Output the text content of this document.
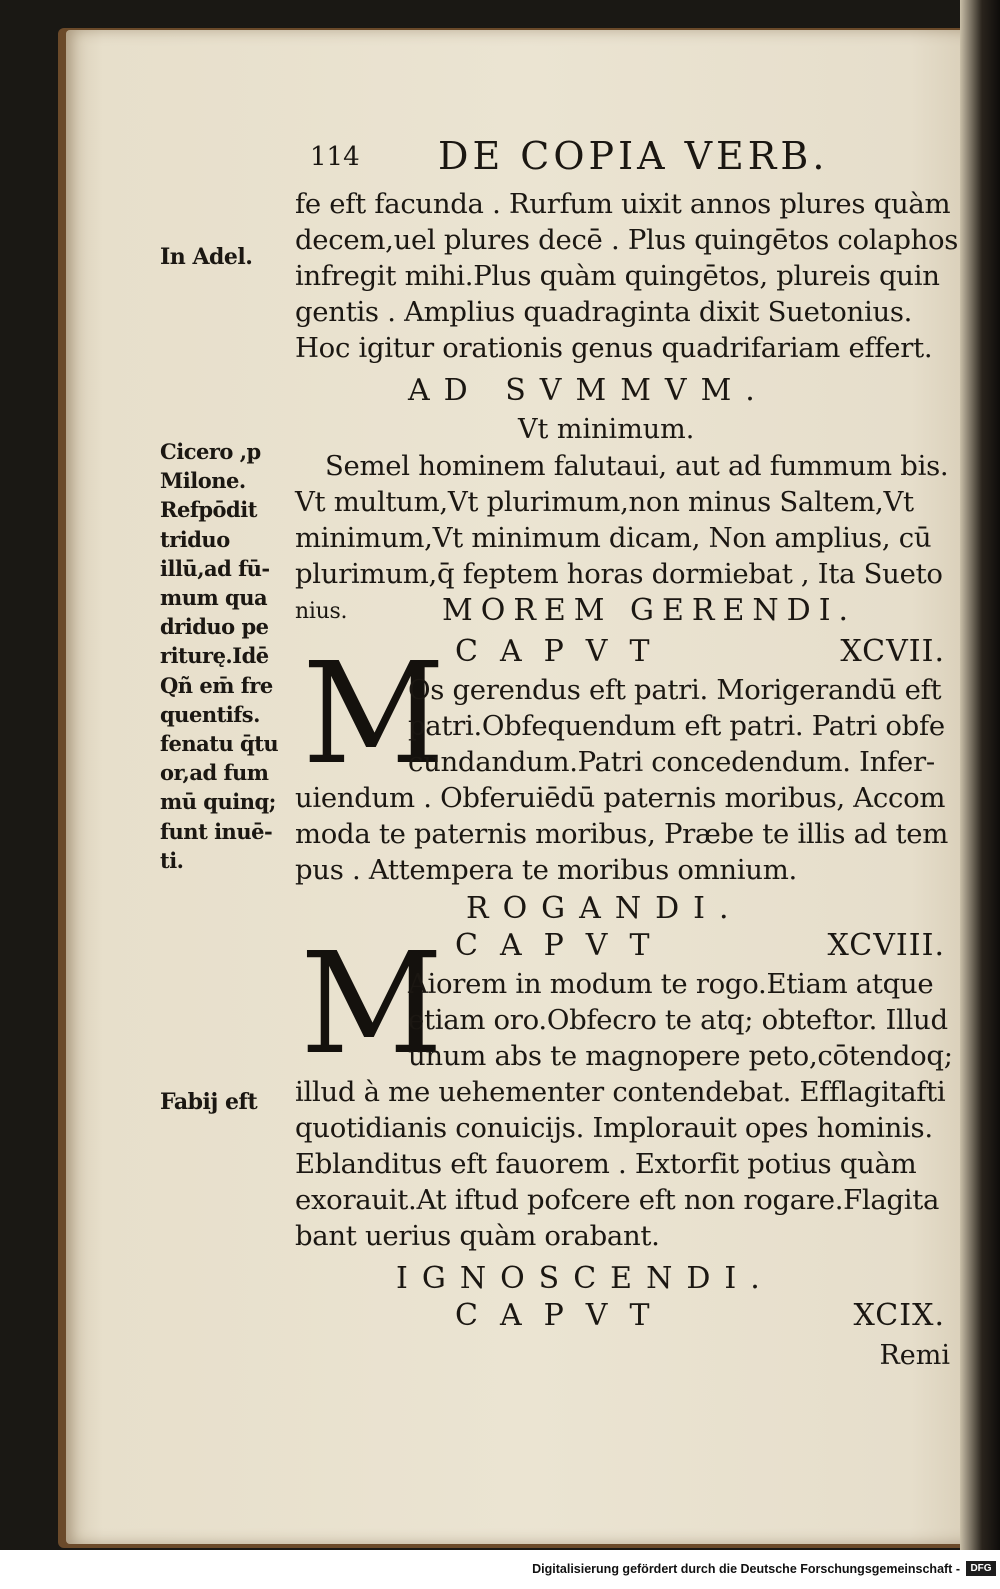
114 DE COPIA VERB.
In Adel.
Cicero ,p
Milone.
Refpōdit
triduo
illū,ad fū-
mum qua
driduo pe
riturę.Idē
Qñ em̄ fre
quentifs.
fenatu q̄tu
or,ad fum
mū quinq;
funt inuē-
ti.
Fabij eft
fe eft facunda . Rurfum uixit annos plures quàm
decem,uel plures decē . Plus quingētos colaphos
infregit mihi.Plus quàm quingētos, plureis quin
gentis . Amplius quadraginta dixit Suetonius.
Hoc igitur orationis genus quadrifariam effert.
AD SVMMVM.
Vt minimum.
Semel hominem falutaui, aut ad fummum bis.
Vt multum,Vt plurimum,non minus Saltem,Vt
minimum,Vt minimum dicam, Non amplius, cū
plurimum,q̄ feptem horas dormiebat , Ita Sueto
nius.	MOREM GERENDI.
CAPVT	XCVII.
M
Os gerendus eft patri. Morigerandū eft
patri.Obfequendum eft patri. Patri obfe
cundandum.Patri concedendum. Infer-
uiendum . Obferuiēdū paternis moribus, Accom
moda te paternis moribus, Præbe te illis ad tem
pus . Attempera te moribus omnium.
ROGANDI.
CAPVT	XCVIII.
M
Aiorem in modum te rogo.Etiam atque
etiam oro.Obfecro te atq; obteftor. Illud
unum abs te magnopere peto,cōtendoq;
illud à me uehementer contendebat. Efflagitafti
quotidianis conuicijs. Implorauit opes hominis.
Eblanditus eft fauorem . Extorfit potius quàm
exorauit.At iftud pofcere eft non rogare.Flagita
bant uerius quàm orabant.
IGNOSCENDI.
CAPVT	XCIX.
Remi
Digitalisierung gefördert durch die Deutsche Forschungsgemeinschaft -	DFG
